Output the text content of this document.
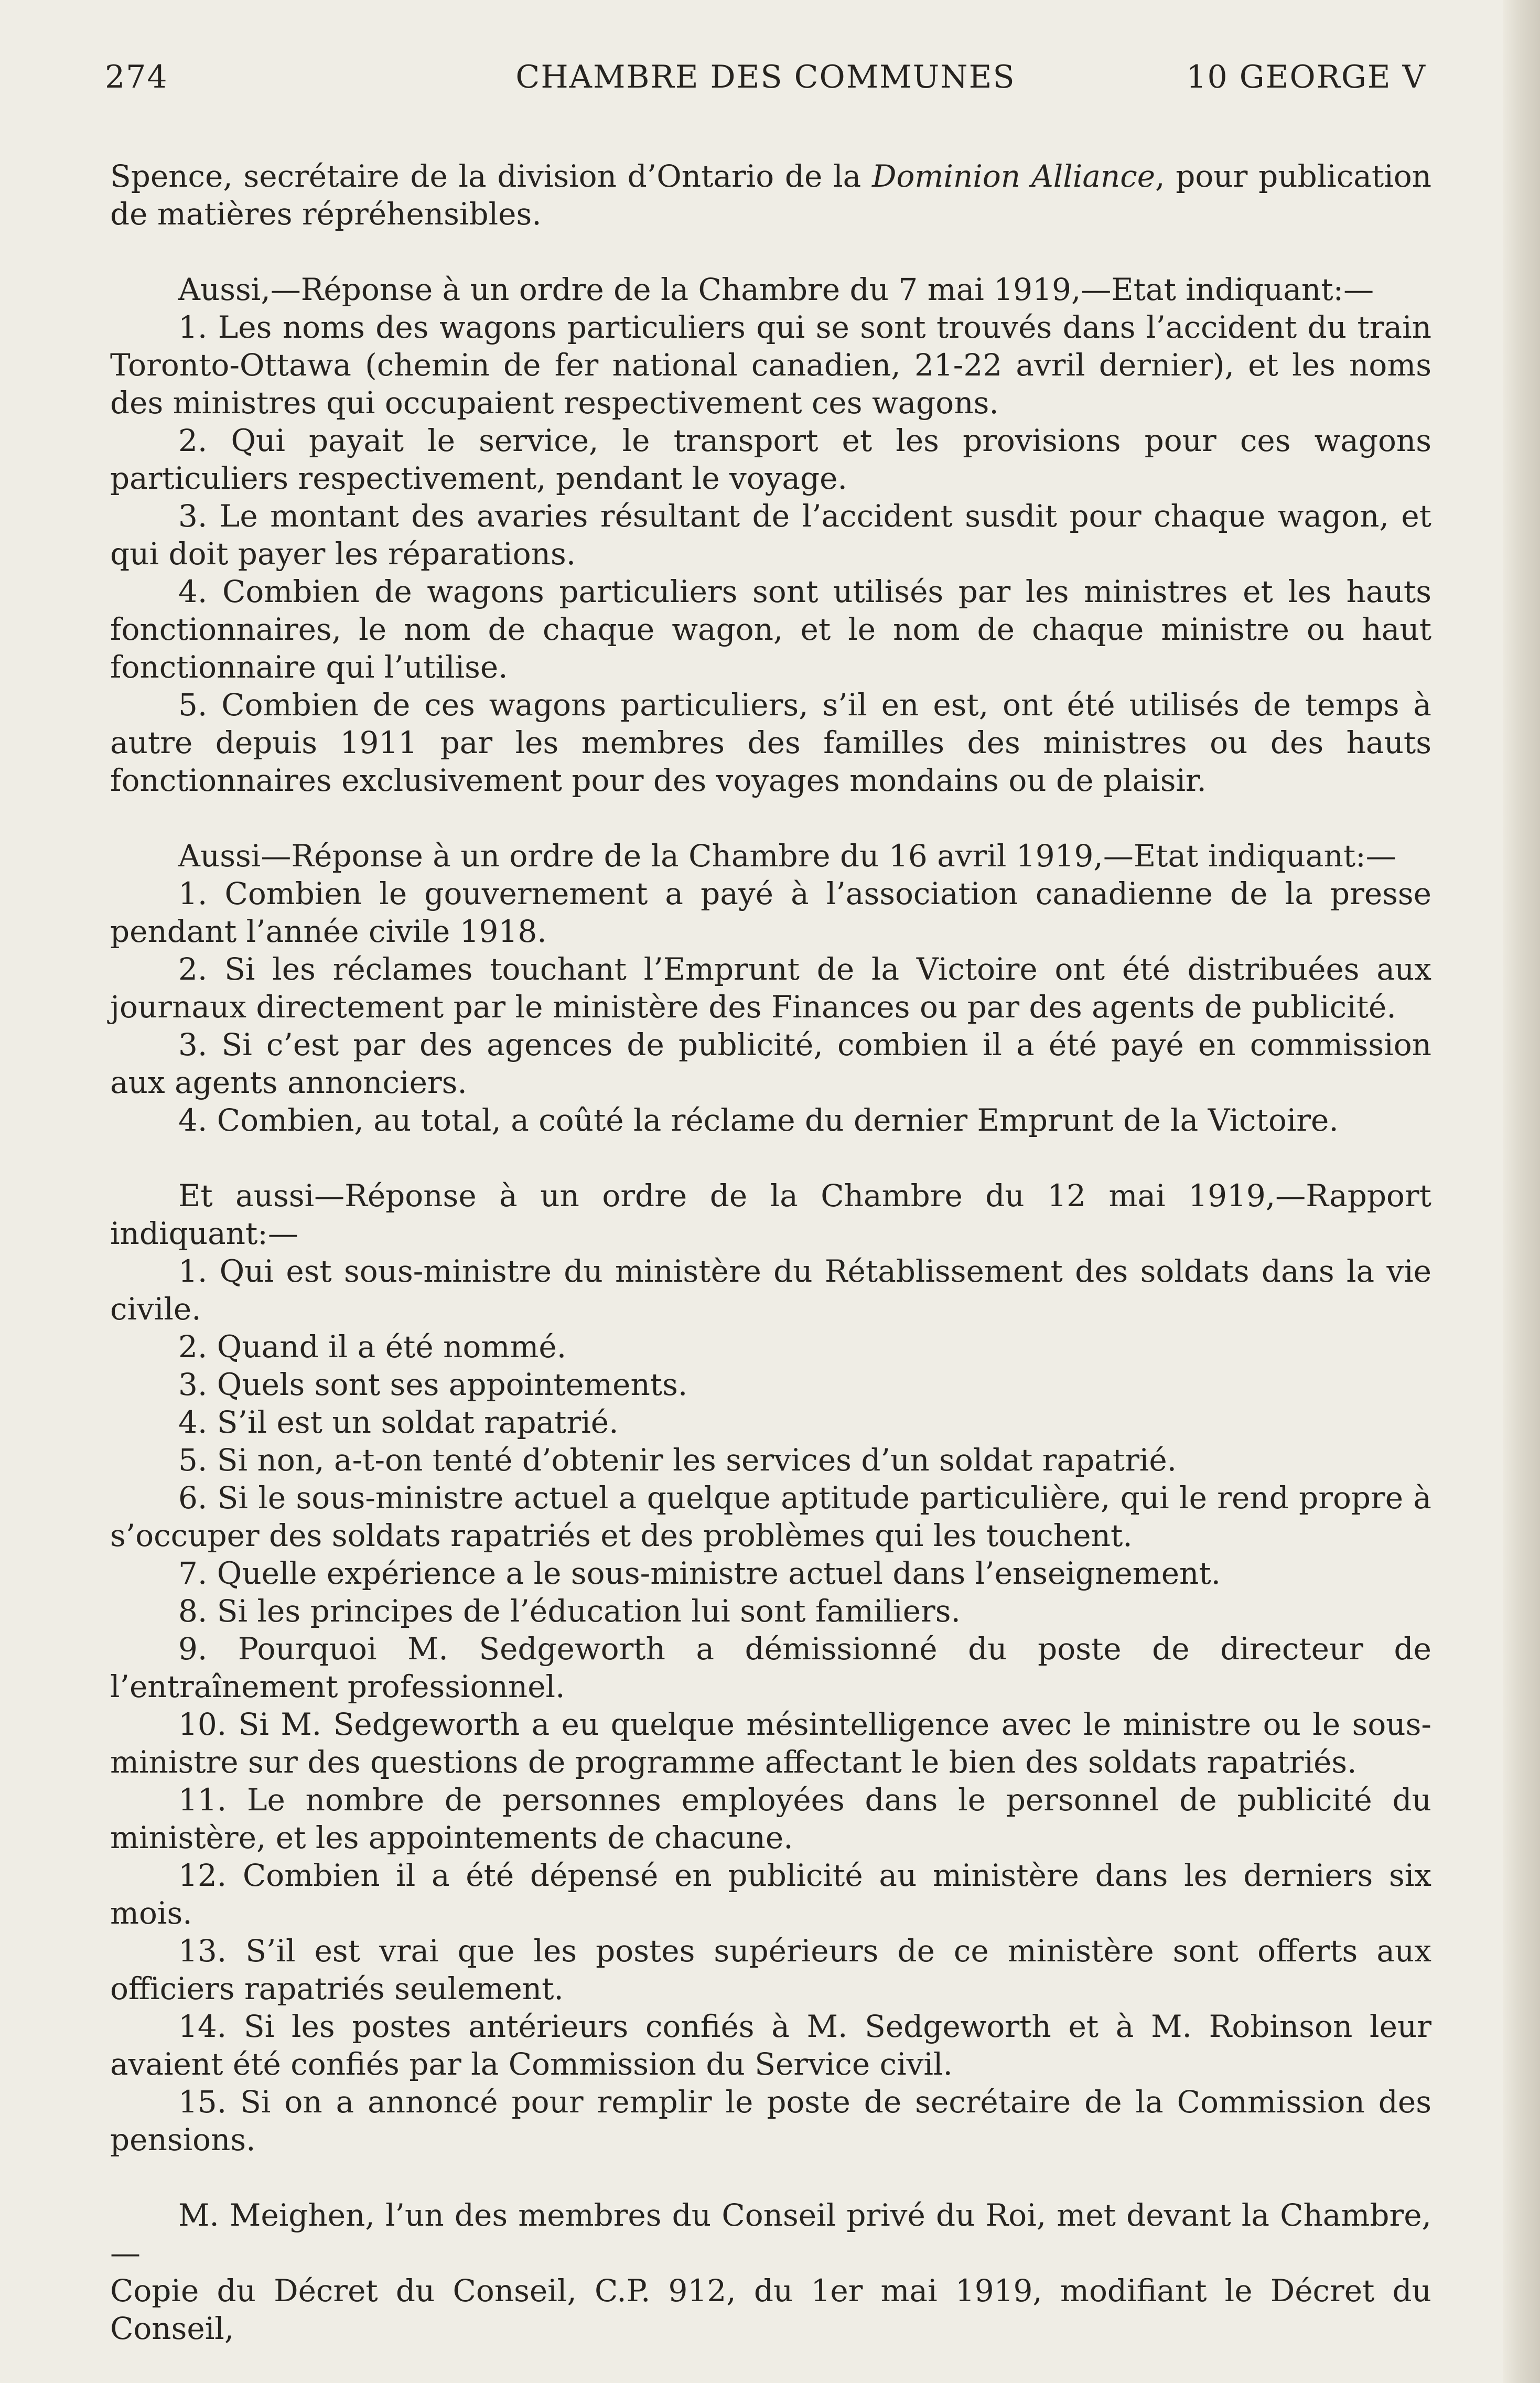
274	CHAMBRE DES COMMUNES	10 GEORGE V

Spence, secrétaire de la division d’Ontario de la Dominion Alliance, pour publication de matières répréhensibles.

Aussi,—Réponse à un ordre de la Chambre du 7 mai 1919,—Etat indiquant:—

1. Les noms des wagons particuliers qui se sont trouvés dans l’accident du train Toronto-Ottawa (chemin de fer national canadien, 21-22 avril dernier), et les noms des ministres qui occupaient respectivement ces wagons.

2. Qui payait le service, le transport et les provisions pour ces wagons particuliers respectivement, pendant le voyage.

3. Le montant des avaries résultant de l’accident susdit pour chaque wagon, et qui doit payer les réparations.

4. Combien de wagons particuliers sont utilisés par les ministres et les hauts fonctionnaires, le nom de chaque wagon, et le nom de chaque ministre ou haut fonctionnaire qui l’utilise.

5. Combien de ces wagons particuliers, s’il en est, ont été utilisés de temps à autre depuis 1911 par les membres des familles des ministres ou des hauts fonctionnaires exclusivement pour des voyages mondains ou de plaisir.

Aussi—Réponse à un ordre de la Chambre du 16 avril 1919,—Etat indiquant:—

1. Combien le gouvernement a payé à l’association canadienne de la presse pendant l’année civile 1918.

2. Si les réclames touchant l’Emprunt de la Victoire ont été distribuées aux journaux directement par le ministère des Finances ou par des agents de publicité.

3. Si c’est par des agences de publicité, combien il a été payé en commission aux agents annonciers.

4. Combien, au total, a coûté la réclame du dernier Emprunt de la Victoire.

Et aussi—Réponse à un ordre de la Chambre du 12 mai 1919,—Rapport indiquant:—

1. Qui est sous-ministre du ministère du Rétablissement des soldats dans la vie civile.

2. Quand il a été nommé.

3. Quels sont ses appointements.

4. S’il est un soldat rapatrié.

5. Si non, a-t-on tenté d’obtenir les services d’un soldat rapatrié.

6. Si le sous-ministre actuel a quelque aptitude particulière, qui le rend propre à s’occuper des soldats rapatriés et des problèmes qui les touchent.

7. Quelle expérience a le sous-ministre actuel dans l’enseignement.

8. Si les principes de l’éducation lui sont familiers.

9. Pourquoi M. Sedgeworth a démissionné du poste de directeur de l’entraînement professionnel.

10. Si M. Sedgeworth a eu quelque mésintelligence avec le ministre ou le sous-ministre sur des questions de programme affectant le bien des soldats rapatriés.

11. Le nombre de personnes employées dans le personnel de publicité du ministère, et les appointements de chacune.

12. Combien il a été dépensé en publicité au ministère dans les derniers six mois.

13. S’il est vrai que les postes supérieurs de ce ministère sont offerts aux officiers rapatriés seulement.

14. Si les postes antérieurs confiés à M. Sedgeworth et à M. Robinson leur avaient été confiés par la Commission du Service civil.

15. Si on a annoncé pour remplir le poste de secrétaire de la Commission des pensions.

M. Meighen, l’un des membres du Conseil privé du Roi, met devant la Chambre,—

Copie du Décret du Conseil, C.P. 912, du 1er mai 1919, modifiant le Décret du Conseil,
